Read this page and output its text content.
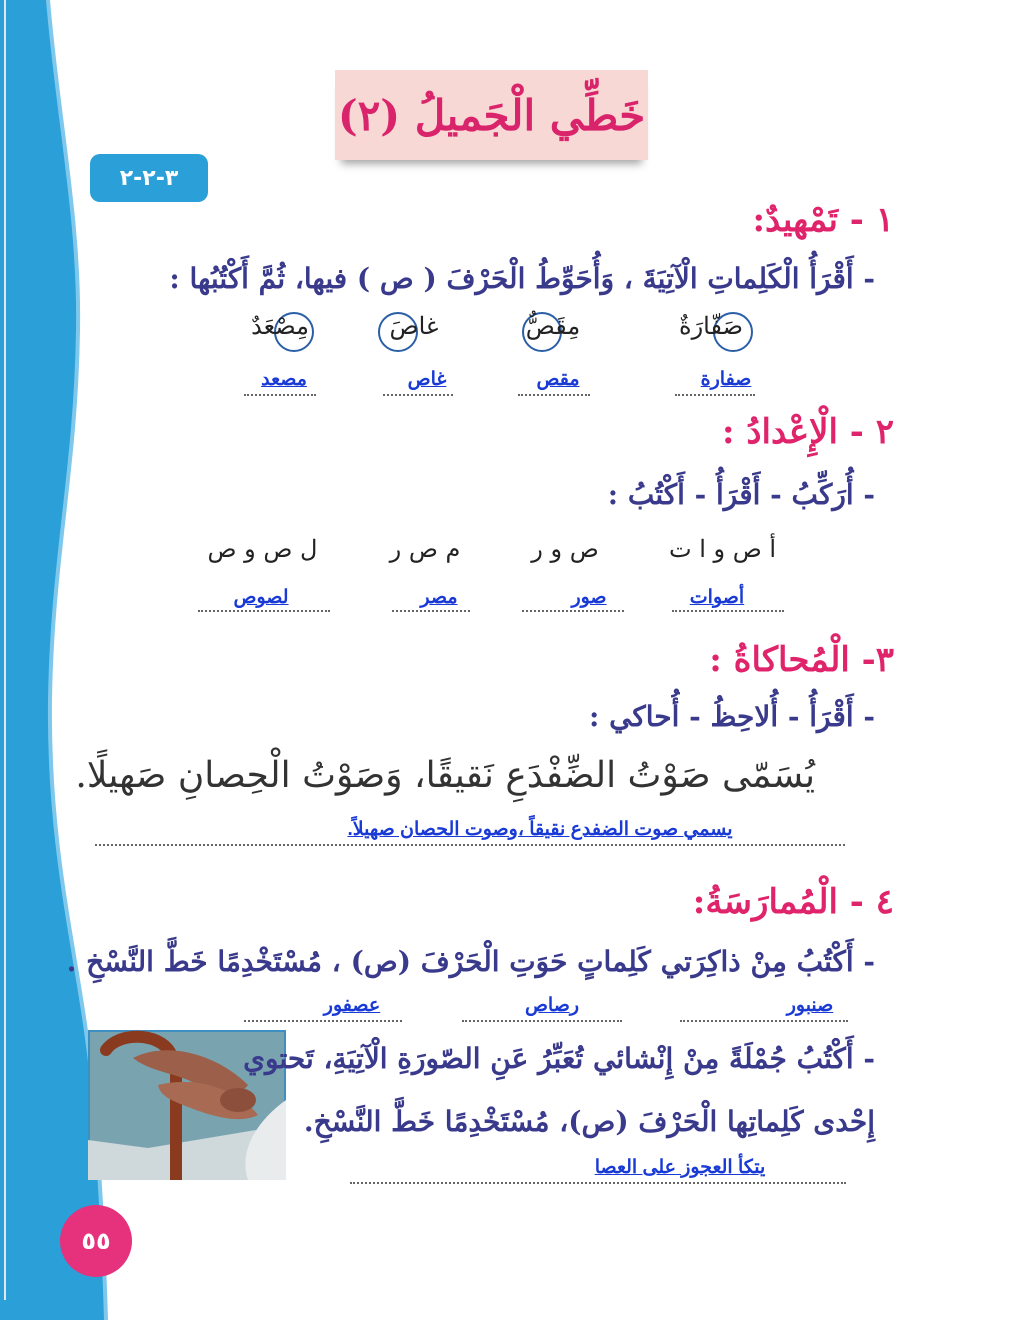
خَطِّي الْجَميلُ (٢)
٣-٢-٢
١ - تَمْهيدٌ:
- أَقْرَأُ الْكَلِماتِ الْآتِيَةَ ، وَأُحَوِّطُ الْحَرْفَ ( ص ) فيها، ثُمَّ أَكْتُبُها :
صَفّارَةٌ
مِقَصٌّ
غاصَ
مِصْعَدٌ
صفارة
مقص
غاص
مصعد
٢ - الْإِعْدادُ :
- أُرَكِّبُ - أَقْرَأُ - أَكْتُبُ :
أ ص و ا ت
ص و ر
م ص ر
ل ص و ص
أصوات
صور
مصر
لصوص
٣- الْمُحاكاةُ :
- أَقْرَأُ - أُلاحِظُ - أُحاكي :
يُسَمّى صَوْتُ الضِّفْدَعِ نَقيقًا، وَصَوْتُ الْحِصانِ صَهيلًا.
يسمي صوت الضفدع نقيقاً ،وصوت الحصان صهيلاً.
٤ - الْمُمارَسَةُ:
- أَكْتُبُ مِنْ ذاكِرَتي كَلِماتٍ حَوَتِ الْحَرْفَ (ص) ، مُسْتَخْدِمًا خَطَّ النَّسْخِ .
صنبور
رصاص
عصفور
- أَكْتُبُ جُمْلَةً مِنْ إِنْشائي تُعَبِّرُ عَنِ الصّورَةِ الْآتِيَةِ، تَحتوي
إِحْدى كَلِماتِها الْحَرْفَ (ص)، مُسْتَخْدِمًا خَطَّ النَّسْخِ.
يتكأ العجوز على العصا
٥٥
